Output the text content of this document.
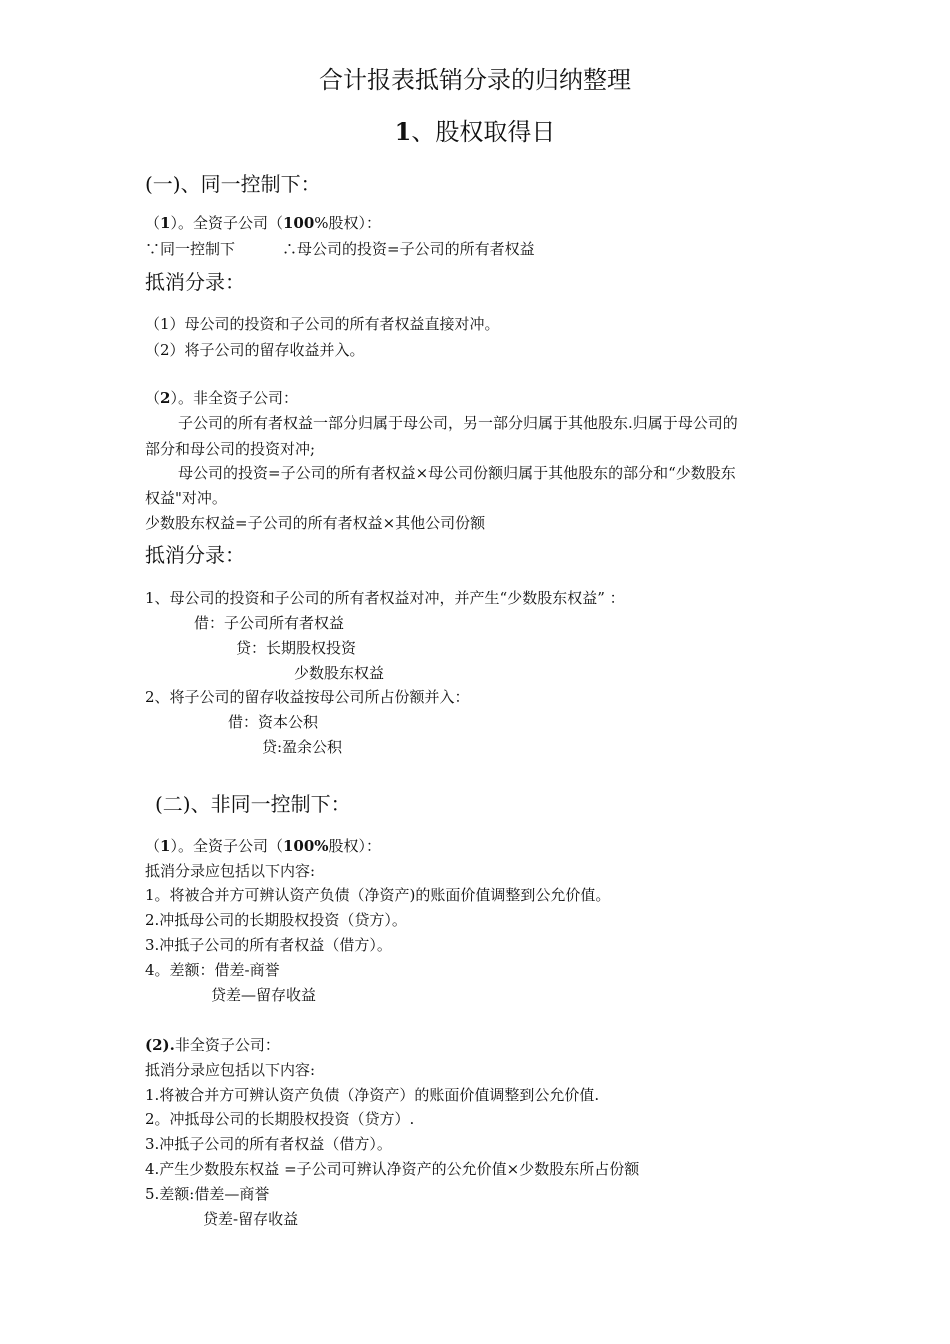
合计报表抵销分录的归纳整理
1、股权取得日
(一)、同一控制下：
（1）。全资子公司（100%股权）：
∵同一控制下	∴母公司的投资=子公司的所有者权益
抵消分录：
（1）母公司的投资和子公司的所有者权益直接对冲。
（2）将子公司的留存收益并入。
（2）。非全资子公司：
子公司的所有者权益一部分归属于母公司，另一部分归属于其他股东.归属于母公司的
部分和母公司的投资对冲;
母公司的投资=子公司的所有者权益×母公司份额归属于其他股东的部分和“少数股东
权益"对冲。
少数股东权益=子公司的所有者权益×其他公司份额
抵消分录：
1、母公司的投资和子公司的所有者权益对冲，并产生“少数股东权益” ：
借：子公司所有者权益
贷：长期股权投资
少数股东权益
2、将子公司的留存收益按母公司所占份额并入：
借：资本公积
贷:盈余公积
(二)、非同一控制下：
（1）。全资子公司（100%股权）：
抵消分录应包括以下内容:
1。将被合并方可辨认资产负债（净资产)的账面价值调整到公允价值。
2.冲抵母公司的长期股权投资（贷方）。
3.冲抵子公司的所有者权益（借方）。
4。差额：借差-商誉
贷差—留存收益
(2).非全资子公司：
抵消分录应包括以下内容:
1.将被合并方可辨认资产负债（净资产）的账面价值调整到公允价值.
2。冲抵母公司的长期股权投资（贷方）.
3.冲抵子公司的所有者权益（借方）。
4.产生少数股东权益 =子公司可辨认净资产的公允价值×少数股东所占份额
5.差额:借差—商誉
贷差-留存收益
